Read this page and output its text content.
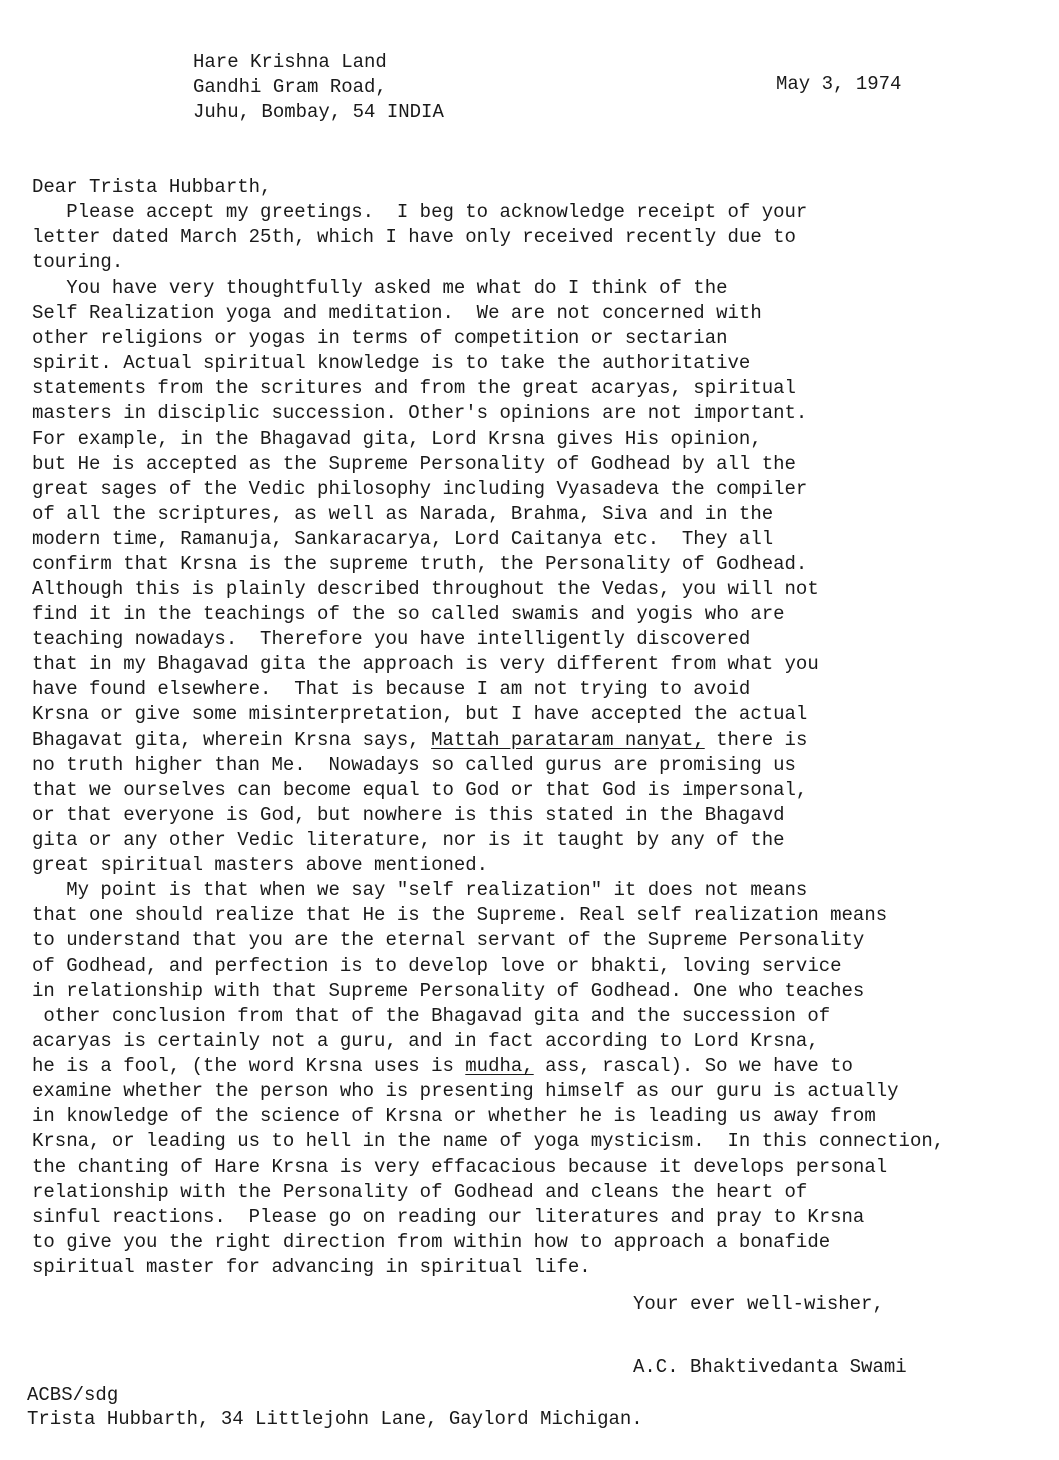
Hare Krishna Land
Gandhi Gram Road,
Juhu, Bombay, 54 INDIA
May 3, 1974
Dear Trista Hubbarth,
Please accept my greetings.  I beg to acknowledge receipt of your
letter dated March 25th, which I have only received recently due to
touring.
You have very thoughtfully asked me what do I think of the
Self Realization yoga and meditation.  We are not concerned with
other religions or yogas in terms of competition or sectarian
spirit. Actual spiritual knowledge is to take the authoritative
statements from the scritures and from the great acaryas, spiritual
masters in disciplic succession. Other's opinions are not important.
For example, in the Bhagavad gita, Lord Krsna gives His opinion,
but He is accepted as the Supreme Personality of Godhead by all the
great sages of the Vedic philosophy including Vyasadeva the compiler
of all the scriptures, as well as Narada, Brahma, Siva and in the
modern time, Ramanuja, Sankaracarya, Lord Caitanya etc.  They all
confirm that Krsna is the supreme truth, the Personality of Godhead.
Although this is plainly described throughout the Vedas, you will not
find it in the teachings of the so called swamis and yogis who are
teaching nowadays.  Therefore you have intelligently discovered
that in my Bhagavad gita the approach is very different from what you
have found elsewhere.  That is because I am not trying to avoid
Krsna or give some misinterpretation, but I have accepted the actual
Bhagavat gita, wherein Krsna says, Mattah parataram nanyat, there is
no truth higher than Me.  Nowadays so called gurus are promising us
that we ourselves can become equal to God or that God is impersonal,
or that everyone is God, but nowhere is this stated in the Bhagavd
gita or any other Vedic literature, nor is it taught by any of the
great spiritual masters above mentioned.
My point is that when we say "self realization" it does not means
that one should realize that He is the Supreme. Real self realization means
to understand that you are the eternal servant of the Supreme Personality
of Godhead, and perfection is to develop love or bhakti, loving service
in relationship with that Supreme Personality of Godhead. One who teaches
other conclusion from that of the Bhagavad gita and the succession of
acaryas is certainly not a guru, and in fact according to Lord Krsna,
he is a fool, (the word Krsna uses is mudha, ass, rascal). So we have to
examine whether the person who is presenting himself as our guru is actually
in knowledge of the science of Krsna or whether he is leading us away from
Krsna, or leading us to hell in the name of yoga mysticism.  In this connection,
the chanting of Hare Krsna is very effacacious because it develops personal
relationship with the Personality of Godhead and cleans the heart of
sinful reactions.  Please go on reading our literatures and pray to Krsna
to give you the right direction from within how to approach a bonafide
spiritual master for advancing in spiritual life.
Your ever well-wisher,
A.C. Bhaktivedanta Swami
ACBS/sdg
Trista Hubbarth, 34 Littlejohn Lane, Gaylord Michigan.
